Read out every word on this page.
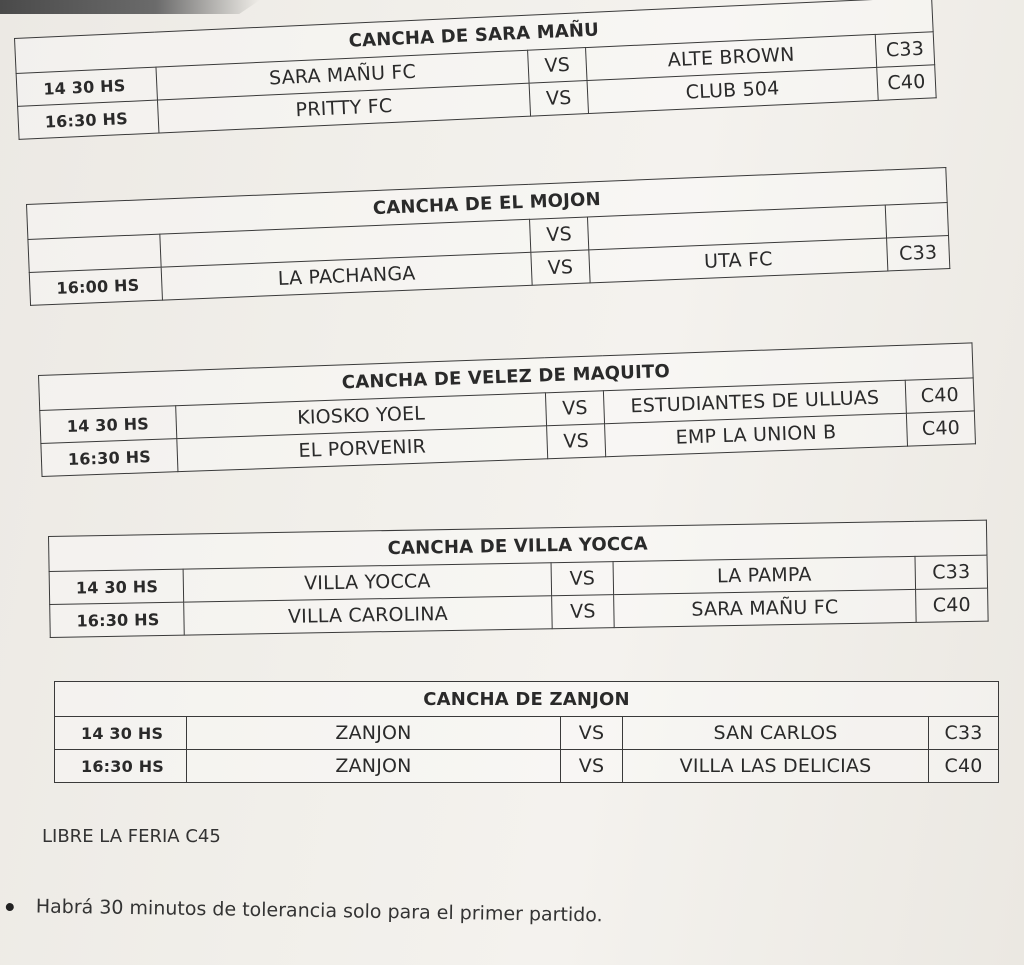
CANCHA DE SARA MAÑU				
14 30 HS	SARA MAÑU FC	VS	ALTE BROWN	C33
16:30 HS	PRITTY FC	VS	CLUB 504	C40
CANCHA DE EL MOJON				
		VS		
16:00 HS	LA PACHANGA	VS	UTA FC	C33
CANCHA DE VELEZ DE MAQUITO				
14 30 HS	KIOSKO YOEL	VS	ESTUDIANTES DE ULLUAS	C40
16:30 HS	EL PORVENIR	VS	EMP LA UNION B	C40
CANCHA DE VILLA YOCCA				
14 30 HS	VILLA YOCCA	VS	LA PAMPA	C33
16:30 HS	VILLA CAROLINA	VS	SARA MAÑU FC	C40
CANCHA DE ZANJON				
14 30 HS	ZANJON	VS	SAN CARLOS	C33
16:30 HS	ZANJON	VS	VILLA LAS DELICIAS	C40
LIBRE LA FERIA C45
Habrá 30 minutos de tolerancia solo para el primer partido.
